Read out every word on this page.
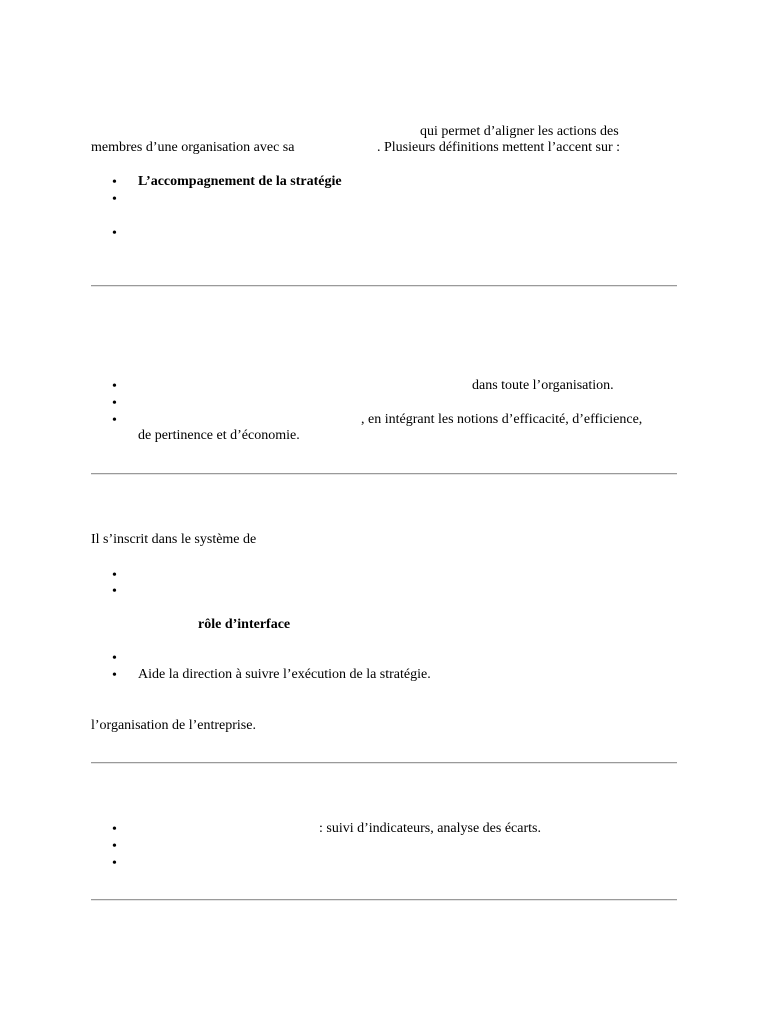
qui permet d’aligner les actions des
membres d’une organisation avec sa	. Plusieurs définitions mettent l’accent sur :
•
L’accompagnement de la stratégie
•
•
•
dans toute l’organisation.
•
•
, en intégrant les notions d’efficacité, d’efficience,
de pertinence et d’économie.
Il s’inscrit dans le système de
•
•
rôle d’interface
•
•
Aide la direction à suivre l’exécution de la stratégie.
l’organisation de l’entreprise.
•
: suivi d’indicateurs, analyse des écarts.
•
•
